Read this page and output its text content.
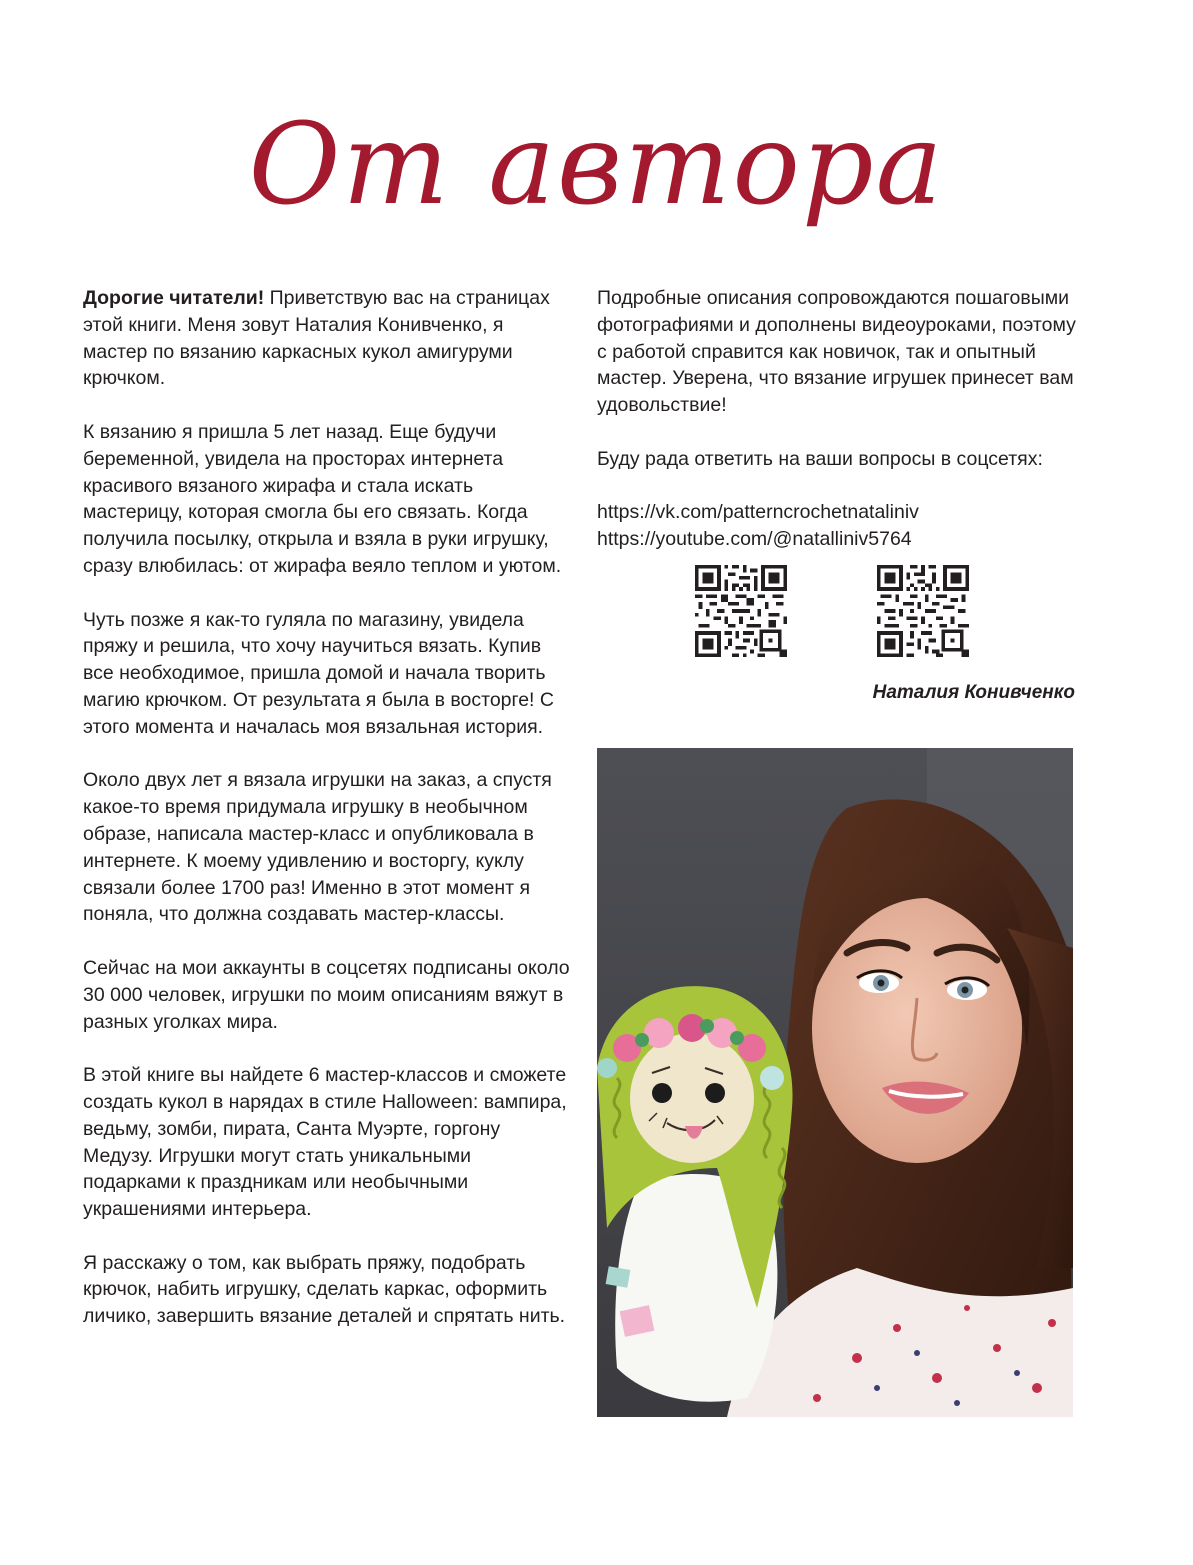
От автора

Дорогие читатели! Приветствую вас на страницах этой книги. Меня зовут Наталия Конивченко, я мастер по вязанию каркасных кукол амигуруми крючком.

К вязанию я пришла 5 лет назад. Еще будучи беременной, увидела на просторах интернета красивого вязаного жирафа и стала искать мастерицу, которая смогла бы его связать. Когда получила посылку, открыла и взяла в руки игрушку, сразу влюбилась: от жирафа веяло теплом и уютом.

Чуть позже я как-то гуляла по магазину, увидела пряжу и решила, что хочу научиться вязать. Купив все необходимое, пришла домой и начала творить магию крючком. От результата я была в восторге! С этого момента и началась моя вязальная история.

Около двух лет я вязала игрушки на заказ, а спустя какое-то время придумала игрушку в необычном образе, написала мастер-класс и опубликовала в интернете. К моему удивлению и восторгу, куклу связали более 1700 раз! Именно в этот момент я поняла, что должна создавать мастер-классы.

Сейчас на мои аккаунты в соцсетях подписаны около 30 000 человек, игрушки по моим описаниям вяжут в разных уголках мира.

В этой книге вы найдете 6 мастер-классов и сможете создать кукол в нарядах в стиле Halloween: вампира, ведьму, зомби, пирата, Санта Муэрте, горгону Медузу. Игрушки могут стать уникальными подарками к праздникам или необычными украшениями интерьера.

Я расскажу о том, как выбрать пряжу, подобрать крючок, набить игрушку, сделать каркас, оформить личико, завершить вязание деталей и спрятать нить.

Подробные описания сопровождаются пошаговыми фотографиями и дополнены видеоуроками, поэтому с работой справится как новичок, так и опытный мастер. Уверена, что вязание игрушек принесет вам удовольствие!

Буду рада ответить на ваши вопросы в соцсетях:

https://vk.com/patterncrochetnataliniv

https://youtube.com/@natalliniv5764

Наталия Конивченко
